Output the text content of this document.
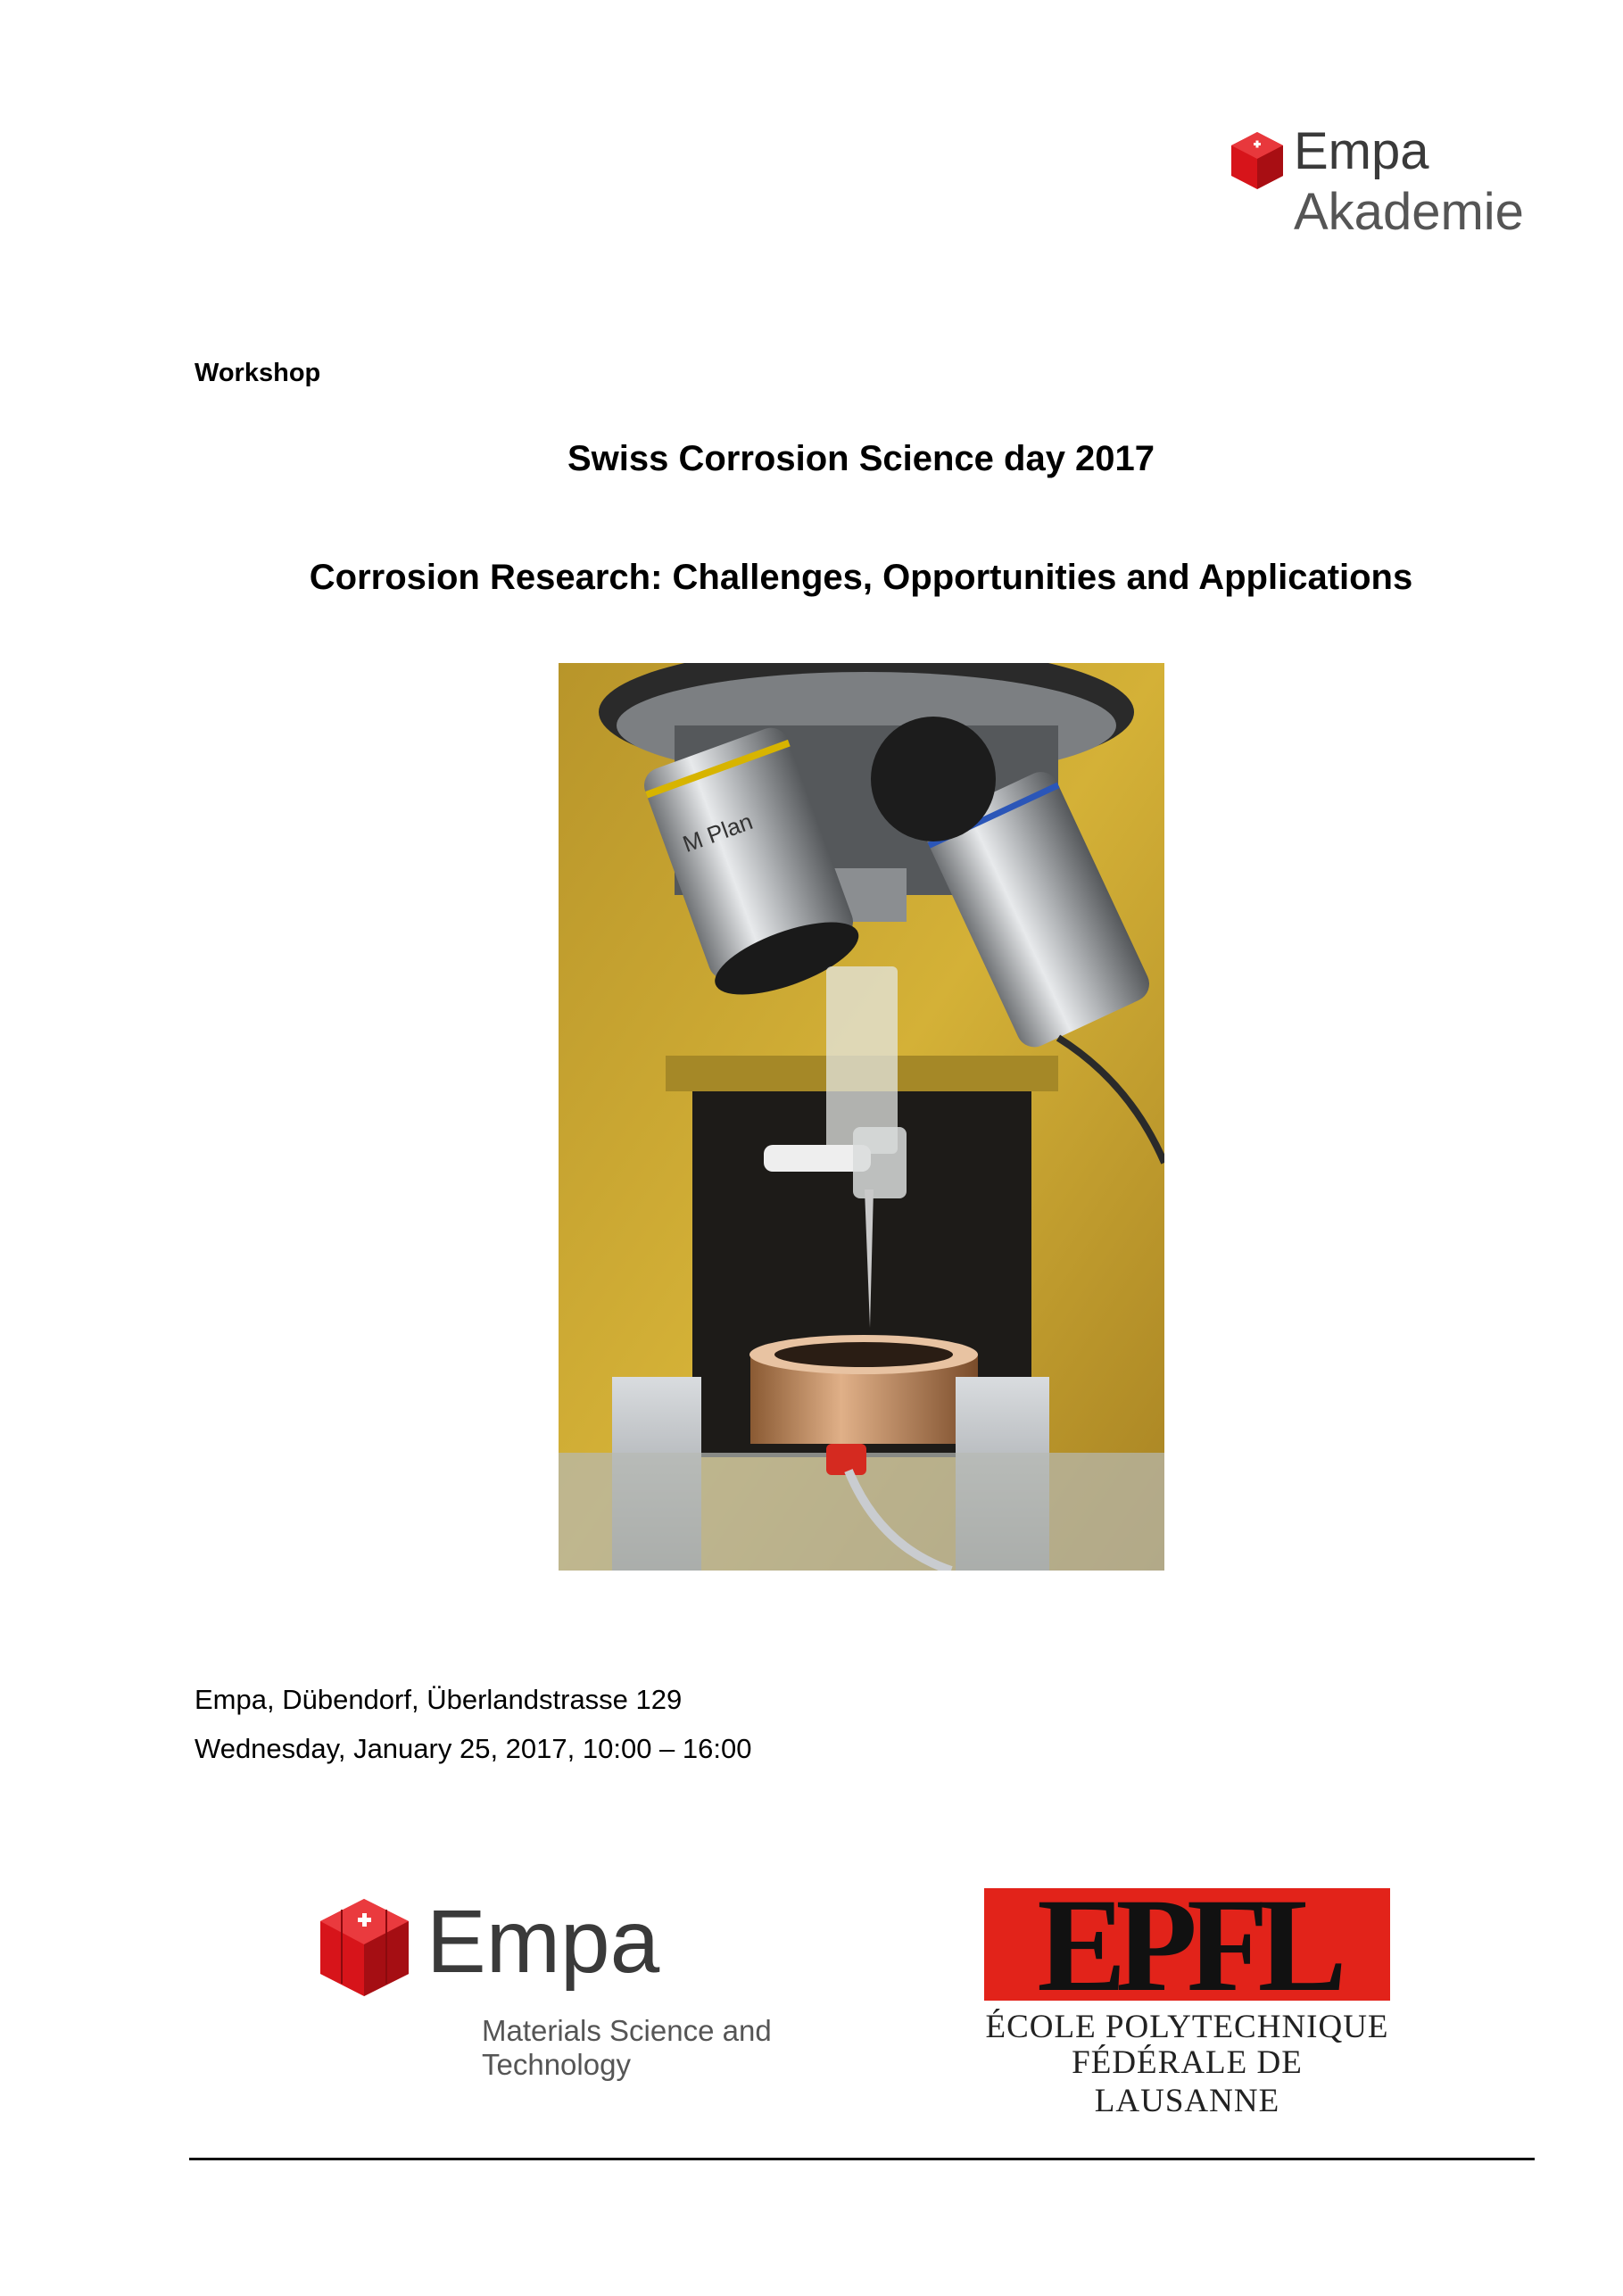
Empa
Akademie
Workshop
Swiss Corrosion Science day 2017
Corrosion Research: Challenges, Opportunities and Applications
M Plan
Empa, Dübendorf, Überlandstrasse 129
Wednesday, January 25, 2017, 10:00 – 16:00
Empa
Materials Science and Technology
EPFL
ÉCOLE POLYTECHNIQUE
FÉDÉRALE DE LAUSANNE
